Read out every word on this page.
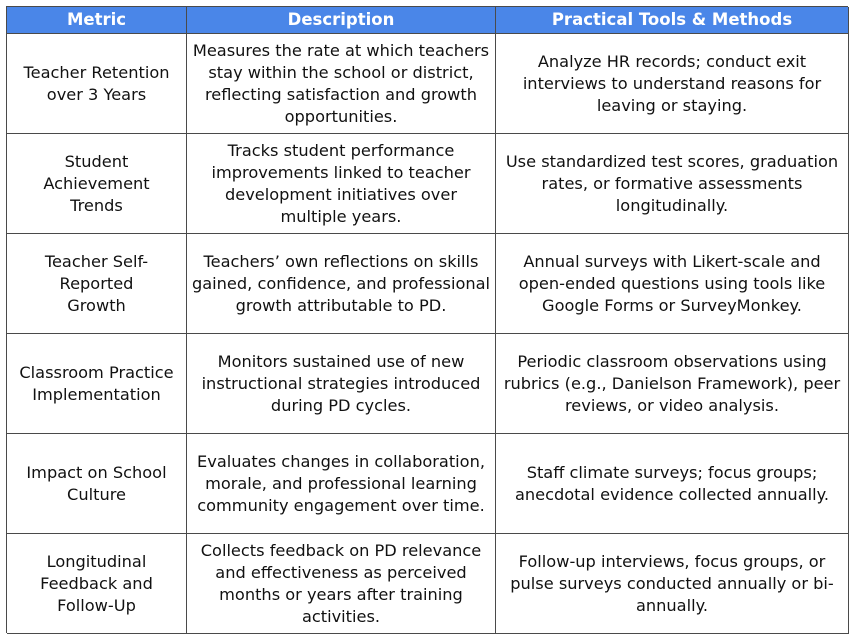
Metric	Description	Practical Tools & Methods
Teacher Retention over 3 Years
Measures the rate at which teachers stay within the school or district, reflecting satisfaction and growth opportunities.
Analyze HR records; conduct exit interviews to understand reasons for leaving or staying.
Student Achievement Trends
Tracks student performance improvements linked to teacher development initiatives over multiple years.
Use standardized test scores, graduation rates, or formative assessments longitudinally.
Teacher Self-Reported Growth
Teachers’ own reflections on skills gained, confidence, and professional growth attributable to PD.
Annual surveys with Likert-scale and open-ended questions using tools like Google Forms or SurveyMonkey.
Classroom Practice Implementation
Monitors sustained use of new instructional strategies introduced during PD cycles.
Periodic classroom observations using rubrics (e.g., Danielson Framework), peer reviews, or video analysis.
Impact on School Culture
Evaluates changes in collaboration, morale, and professional learning community engagement over time.
Staff climate surveys; focus groups; anecdotal evidence collected annually.
Longitudinal Feedback and Follow-Up
Collects feedback on PD relevance and effectiveness as perceived months or years after training activities.
Follow-up interviews, focus groups, or pulse surveys conducted annually or bi-annually.
